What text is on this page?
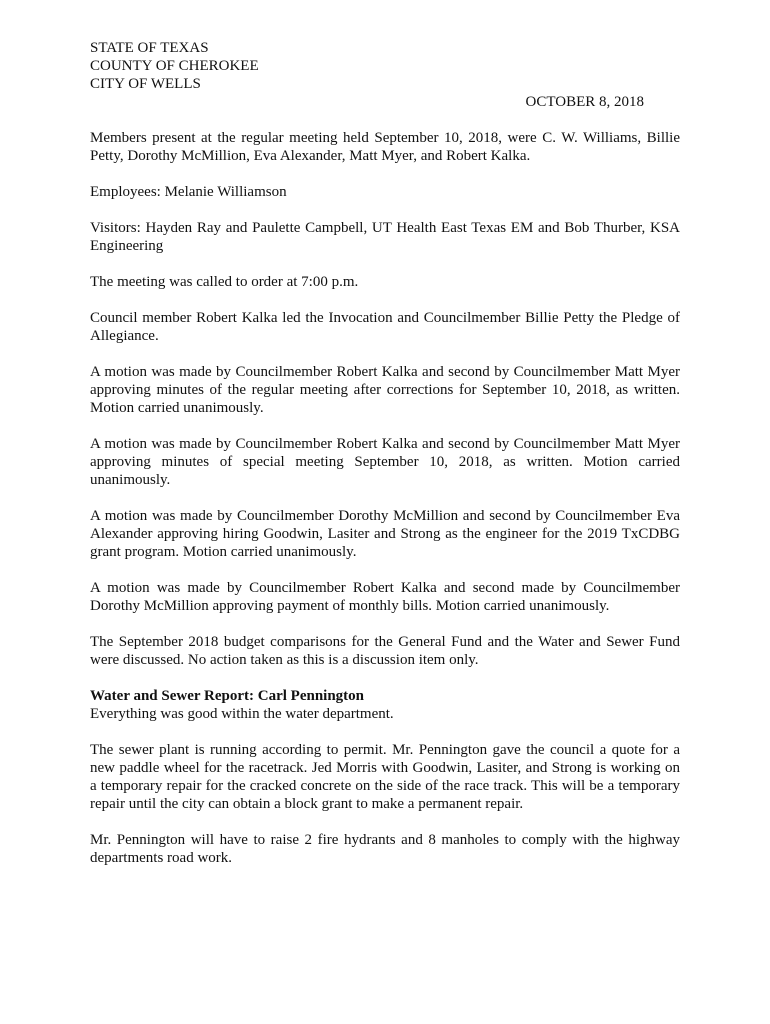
STATE OF TEXAS
COUNTY OF CHEROKEE
CITY OF WELLS
OCTOBER 8, 2018

Members present at the regular meeting held September 10, 2018, were C. W. Williams, Billie Petty, Dorothy McMillion, Eva Alexander, Matt Myer, and Robert Kalka.

Employees: Melanie Williamson

Visitors: Hayden Ray and Paulette Campbell, UT Health East Texas EM and Bob Thurber, KSA Engineering

The meeting was called to order at 7:00 p.m.

Council member Robert Kalka led the Invocation and Councilmember Billie Petty the Pledge of Allegiance.

A motion was made by Councilmember Robert Kalka and second by Councilmember Matt Myer approving minutes of the regular meeting after corrections for September 10, 2018, as written. Motion carried unanimously.

A motion was made by Councilmember Robert Kalka and second by Councilmember Matt Myer approving minutes of special meeting September 10, 2018, as written. Motion carried unanimously.

A motion was made by Councilmember Dorothy McMillion and second by Councilmember Eva Alexander approving hiring Goodwin, Lasiter and Strong as the engineer for the 2019 TxCDBG grant program. Motion carried unanimously.

A motion was made by Councilmember Robert Kalka and second made by Councilmember Dorothy McMillion approving payment of monthly bills. Motion carried unanimously.

The September 2018 budget comparisons for the General Fund and the Water and Sewer Fund were discussed. No action taken as this is a discussion item only.

Water and Sewer Report: Carl Pennington

Everything was good within the water department.

The sewer plant is running according to permit. Mr. Pennington gave the council a quote for a new paddle wheel for the racetrack. Jed Morris with Goodwin, Lasiter, and Strong is working on a temporary repair for the cracked concrete on the side of the race track. This will be a temporary repair until the city can obtain a block grant to make a permanent repair.

Mr. Pennington will have to raise 2 fire hydrants and 8 manholes to comply with the highway departments road work.
